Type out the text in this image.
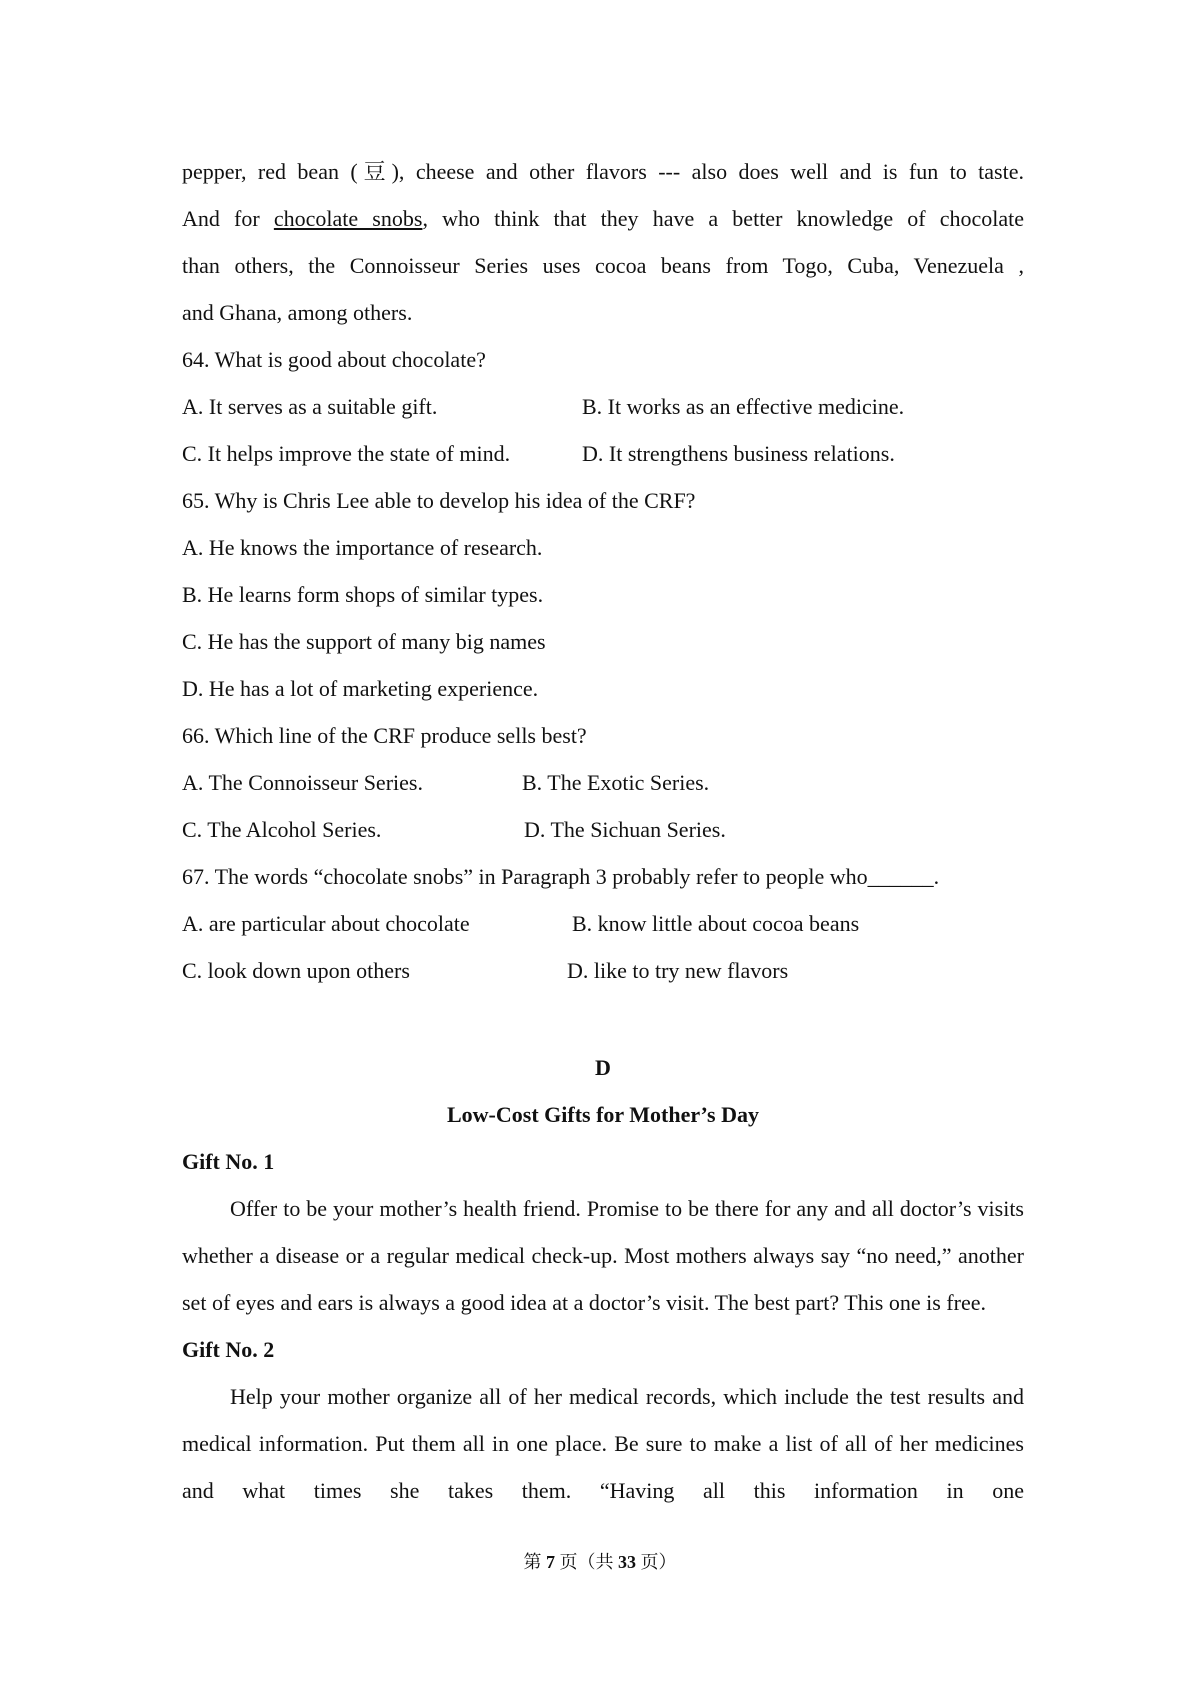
pepper, red bean (豆), cheese and other flavors --- also does well and is fun to taste.
And for chocolate snobs, who think that they have a better knowledge of chocolate
than others, the Connoisseur Series uses cocoa beans from Togo, Cuba, Venezuela ,
and Ghana, among others.
64. What is good about chocolate?
A. It serves as a suitable gift.	B. It works as an effective medicine.
C. It helps improve the state of mind.	D. It strengthens business relations.
65. Why is Chris Lee able to develop his idea of the CRF?
A. He knows the importance of research.
B. He learns form shops of similar types.
C. He has the support of many big names
D. He has a lot of marketing experience.
66. Which line of the CRF produce sells best?
A. The Connoisseur Series.	B. The Exotic Series.
C. The Alcohol Series.	D. The Sichuan Series.
67. The words “chocolate snobs” in Paragraph 3 probably refer to people who______.
A. are particular about chocolate	B. know little about cocoa beans
C. look down upon others	D. like to try new flavors
D
Low-Cost Gifts for Mother’s Day
Gift No. 1

Offer to be your mother’s health friend. Promise to be there for any and all doctor’s visits whether a disease or a regular medical check-up. Most mothers always say “no need,” another set of eyes and ears is always a good idea at a doctor’s visit. The best part? This one is free.

Gift No. 2

Help your mother organize all of her medical records, which include the test results and medical information. Put them all in one place. Be sure to make a list of all of her medicines and what times she takes them. “Having all this information in one

第 7 页（共 33 页）
